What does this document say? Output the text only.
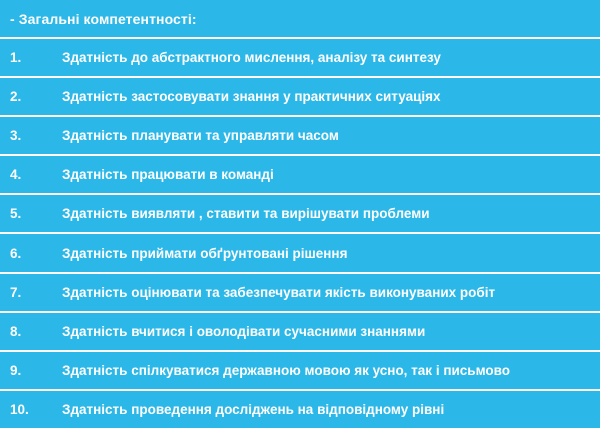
- Загальні компетентності:
1.	Здатність до абстрактного мислення, аналізу та синтезу
2.	Здатність застосовувати знання у практичних ситуаціях
3.	Здатність планувати та управляти часом
4.	Здатність працювати в команді
5.	Здатність виявляти , ставити та вирішувати проблеми
6.	Здатність приймати обґрунтовані рішення
7.	Здатність оцінювати та забезпечувати якість виконуваних робіт
8.	Здатність вчитися і оволодівати сучасними знаннями
9.	Здатність спілкуватися державною мовою як усно, так і письмово
10.	Здатність проведення досліджень на відповідному рівні
